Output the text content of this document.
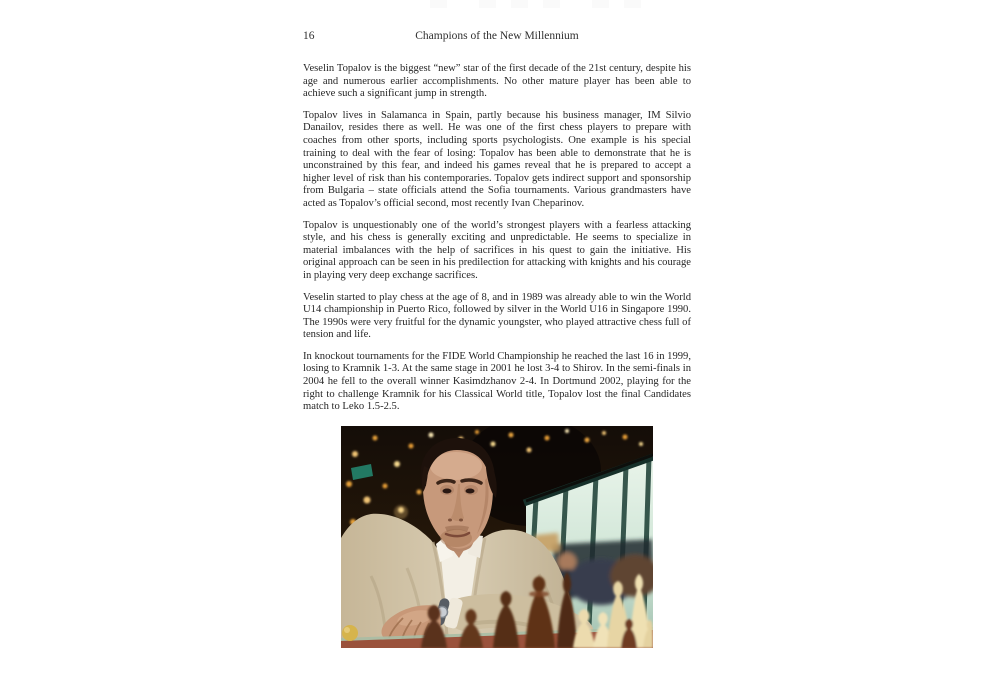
16	Champions of the New Millennium

Veselin Topalov is the biggest “new” star of the first decade of the 21st century, despite his age and numerous earlier accomplishments. No other mature player has been able to achieve such a significant jump in strength.

Topalov lives in Salamanca in Spain, partly because his business manager, IM Silvio Danailov, resides there as well. He was one of the first chess players to prepare with coaches from other sports, including sports psychologists. One example is his special training to deal with the fear of losing: Topalov has been able to demonstrate that he is unconstrained by this fear, and indeed his games reveal that he is prepared to accept a higher level of risk than his contemporaries. Topalov gets indirect support and sponsorship from Bulgaria – state officials attend the Sofia tournaments. Various grandmasters have acted as Topalov’s official second, most recently Ivan Cheparinov.

Topalov is unquestionably one of the world’s strongest players with a fearless attacking style, and his chess is generally exciting and unpredictable. He seems to specialize in material imbalances with the help of sacrifices in his quest to gain the initiative. His original approach can be seen in his predilection for attacking with knights and his courage in playing very deep exchange sacrifices.

Veselin started to play chess at the age of 8, and in 1989 was already able to win the World U14 championship in Puerto Rico, followed by silver in the World U16 in Singapore 1990. The 1990s were very fruitful for the dynamic youngster, who played attractive chess full of tension and life.

In knockout tournaments for the FIDE World Championship he reached the last 16 in 1999, losing to Kramnik 1-3. At the same stage in 2001 he lost 3-4 to Shirov. In the semi-finals in 2004 he fell to the overall winner Kasimdzhanov 2-4. In Dortmund 2002, playing for the right to challenge Kramnik for his Classical World title, Topalov lost the final Candidates match to Leko 1.5-2.5.
